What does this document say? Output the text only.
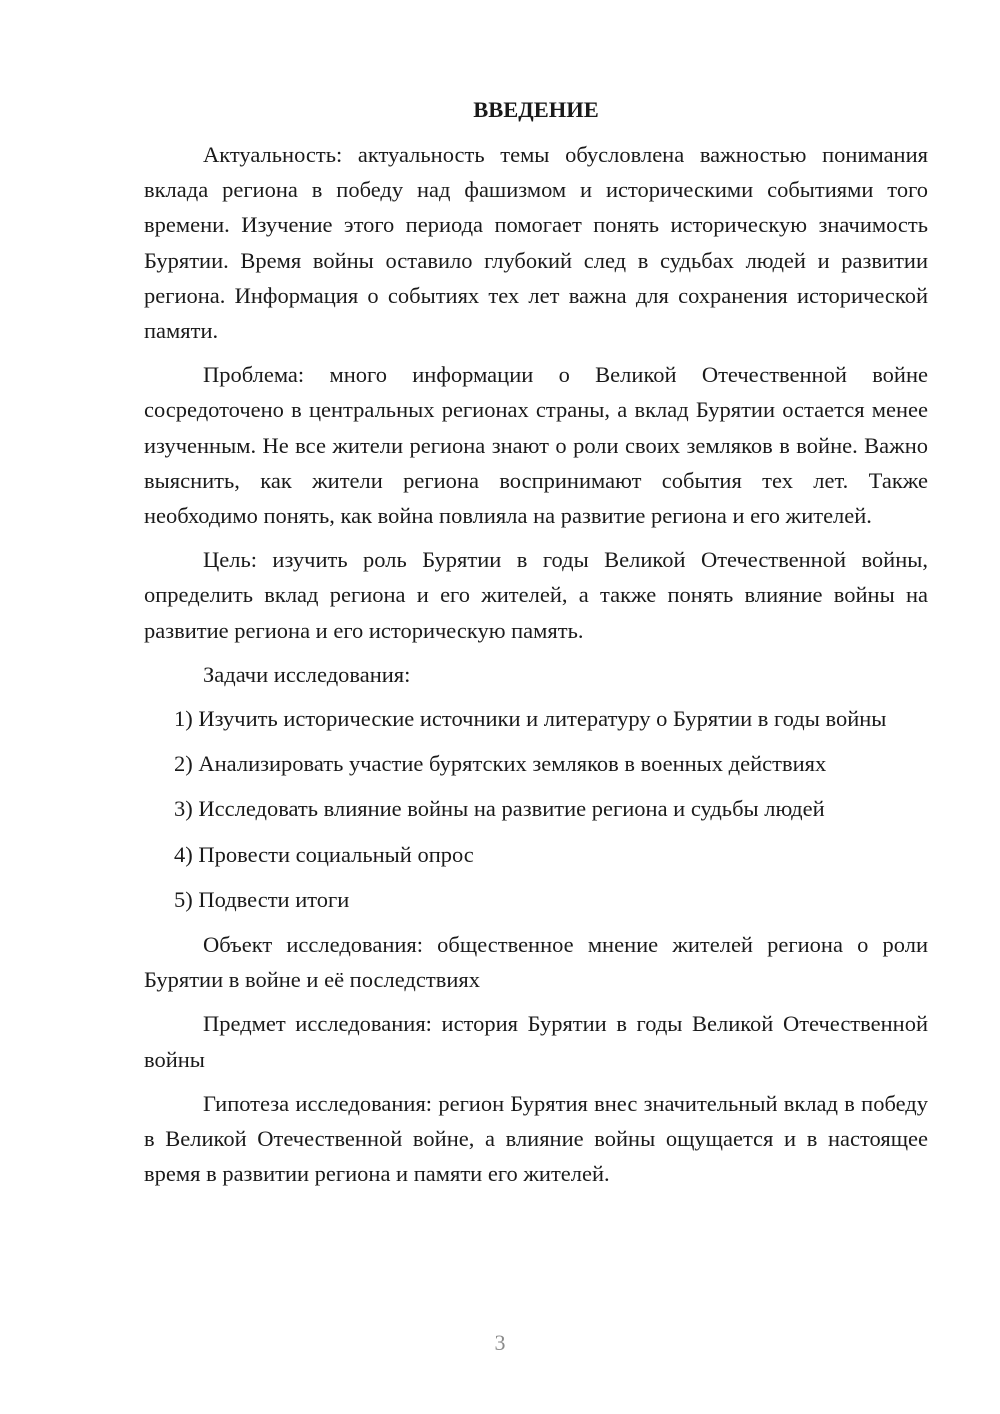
ВВЕДЕНИЕ

Актуальность: актуальность темы обусловлена важностью понимания вклада региона в победу над фашизмом и историческими событиями того времени. Изучение этого периода помогает понять историческую значимость Бурятии. Время войны оставило глубокий след в судьбах людей и развитии региона. Информация о событиях тех лет важна для сохранения исторической памяти.

Проблема: много информации о Великой Отечественной войне сосредоточено в центральных регионах страны, а вклад Бурятии остается менее изученным. Не все жители региона знают о роли своих земляков в войне. Важно выяснить, как жители региона воспринимают события тех лет. Также необходимо понять, как война повлияла на развитие региона и его жителей.

Цель: изучить роль Бурятии в годы Великой Отечественной войны, определить вклад региона и его жителей, а также понять влияние войны на развитие региона и его историческую память.

Задачи исследования:

1) Изучить исторические источники и литературу о Бурятии в годы войны

2) Анализировать участие бурятских земляков в военных действиях

3) Исследовать влияние войны на развитие региона и судьбы людей

4) Провести социальный опрос

5) Подвести итоги

Объект исследования: общественное мнение жителей региона о роли Бурятии в войне и её последствиях

Предмет исследования: история Бурятии в годы Великой Отечественной войны

Гипотеза исследования: регион Бурятия внес значительный вклад в победу в Великой Отечественной войне, а влияние войны ощущается и в настоящее время в развитии региона и памяти его жителей.

3
